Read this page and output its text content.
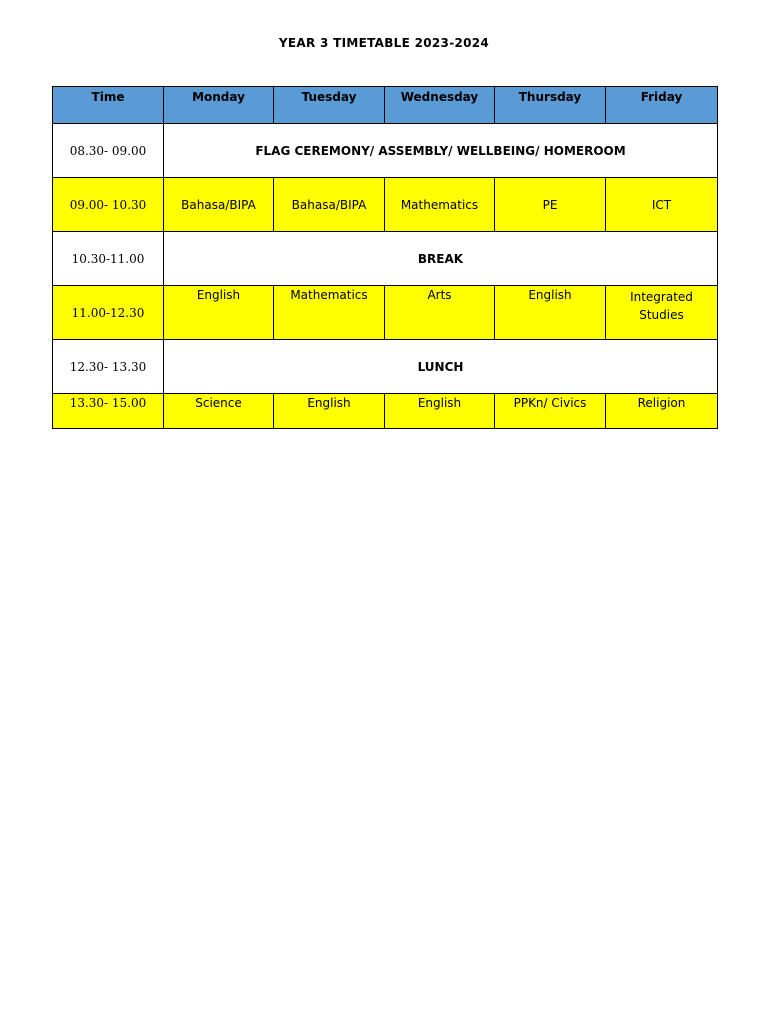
YEAR 3 TIMETABLE 2023-2024
Time	Monday	Tuesday	Wednesday	Thursday	Friday
08.30- 09.00	FLAG CEREMONY/ ASSEMBLY/ WELLBEING/ HOMEROOM				
09.00- 10.30	Bahasa/BIPA	Bahasa/BIPA	Mathematics	PE	ICT
10.30-11.00	BREAK				
11.00-12.30	English	Mathematics	Arts	English	Integrated Studies

12.30- 13.30	LUNCH				
13.30- 15.00	Science	English	English	PPKn/ Civics	Religion
